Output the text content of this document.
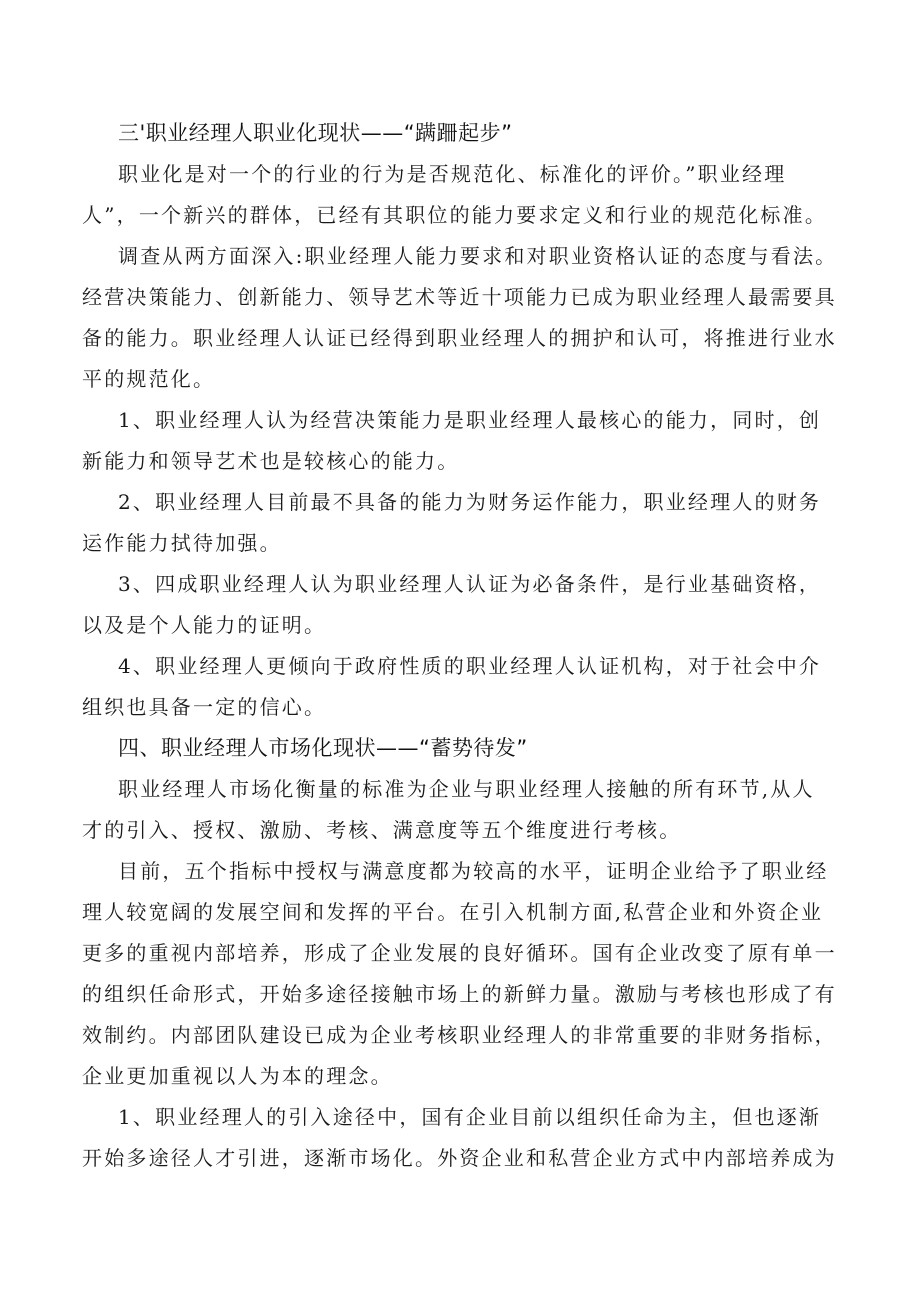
三'职业经理人职业化现状——“蹒跚起步”
职业化是对一个的行业的行为是否规范化、标准化的评价。”职业经理
人”，一个新兴的群体，已经有其职位的能力要求定义和行业的规范化标准。
调查从两方面深入:职业经理人能力要求和对职业资格认证的态度与看法。
经营决策能力、创新能力、领导艺术等近十项能力已成为职业经理人最需要具
备的能力。职业经理人认证已经得到职业经理人的拥护和认可，将推进行业水
平的规范化。
1、职业经理人认为经营决策能力是职业经理人最核心的能力，同时，创
新能力和领导艺术也是较核心的能力。
2、职业经理人目前最不具备的能力为财务运作能力，职业经理人的财务
运作能力拭待加强。
3、四成职业经理人认为职业经理人认证为必备条件，是行业基础资格，
以及是个人能力的证明。
4、职业经理人更倾向于政府性质的职业经理人认证机构，对于社会中介
组织也具备一定的信心。
四、职业经理人市场化现状——“蓄势待发”
职业经理人市场化衡量的标准为企业与职业经理人接触的所有环节,从人
才的引入、授权、激励、考核、满意度等五个维度进行考核。
目前，五个指标中授权与满意度都为较高的水平，证明企业给予了职业经
理人较宽阔的发展空间和发挥的平台。在引入机制方面,私营企业和外资企业
更多的重视内部培养，形成了企业发展的良好循环。国有企业改变了原有单一
的组织任命形式，开始多途径接触市场上的新鲜力量。激励与考核也形成了有
效制约。内部团队建设已成为企业考核职业经理人的非常重要的非财务指标，
企业更加重视以人为本的理念。
1、职业经理人的引入途径中，国有企业目前以组织任命为主，但也逐渐
开始多途径人才引进，逐渐市场化。外资企业和私营企业方式中内部培养成为
